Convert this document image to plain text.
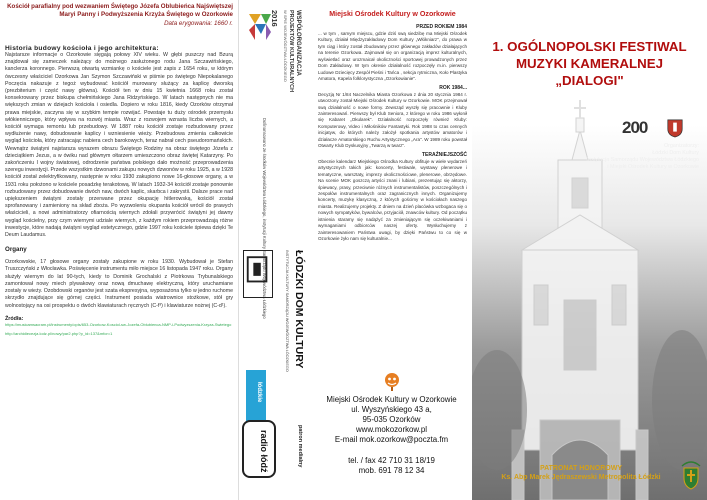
Kościół parafialny pod wezwaniem Świętego Józefa Oblubieńca Najświętszej
Maryi Panny i Podwyższenia Krzyża Świętego w Ozorkowie
Data erygowania: 1660 r.
Historia budowy kościoła i jego architektura:
Najstarsze informacje o Ozorkowie sięgają połowy XIV wieku. W głębi puszczy nad Bzurą znajdował się zameczek należący do możnego zasłużonego rodu Jana Szczawińskiego, kanclerza koronnego. Pierwszą otwartą wzmiankę o kościele jest zapis z 1654 roku, w którym ówczesny właściciel Ozorkowa Jan Szymon Szczawiński w piśmie po świętego Niepokalanego Poczęcia nakazuje z tegoż wybudować kościół murowany służący za kaplicę dworską (prezbiterium i część nawy główna). Kościół ten w dniu 15 kwietnia 1668 roku został konsekrowany przez biskupa chełmińskiego Jana Ridzyńskiego. W latach następnych nie ma większych zmian w dziejach kościoła i osiedla. Dopiero w roku 1816, kiedy Ozorków otrzymał prawa miejskie, zaczyna się w szybkim tempie rozwijać. Powstaje tu duży ośrodek przemysłu włókienniczego, który wpływa na rozwój miasta. Wraz z rozwojem wzrasta liczba wiernych, a kościół wymaga remontu lub przebudowy. W 1887 roku kościół zostaje rozbudowany przez wydłużenie nawy, dobudowanie kaplicy i wzniesienie wieży. Przebudowa zmienia całkowicie wygląd kościoła, który zatracając nabiera cech barokowych, teraz nabrał cech pseudoromańskich. Wewnątrz świątyni najstarsza wyrazem obrazu Świętego Rodziny na obraz świętego Józefa z dzieciątkiem Jezus, a w ówiku nad głównym ołtarzem umieszczono obraz świętej Katarzyny. Po zakończeniu I wojny światowej, odrodzenie państwa polskiego dało możność przeprowadzenia szeregu inwestycji. Przede wszystkim dzwonami zakupu nowych dzwonów w roku 1925, a w 1928 kościół został zelektryfikowany, następnie w roku 1930 zakupiono nowe 16-głosowe organy, a w 1931 roku położono w kościele posadzkę terakotową. W latach 1932-34 kościół zostaje ponownie rozbudowany przez dobudowanie dwóch naw, dwóch kaplic, skarbca i zakrystii. Dalsze prace nad upiększeniem świątyni zostały przerwane przez okupację hitlerowską, kościół został sprofanowany i zamieniony na skład zboża. Po wyzwoleniu okupanta kościół wrócił do prawych właścicieli, a nowi administratorzy ofiarnością wiernych zdołali przywrócić świątyni jej dawny wygląd kościelny, przy czym wiernymi udziale wiernych, z każdym rokiem przeprowadzają różne inwestycje, które nadają świątyni wygląd estetycznego, gdzie 1997 roku kościele śpiewa dzięki Te Deum Laudamus.
Organy
Ozorkowskie, 17 głosowe organy zostały zakupione w roku 1930. Wybudował je Stefan Truszczyński z Włocławka. Poświęcenie instrumentu miło miejsce 16 listopada 1947 roku. Organy służyły wiernym do lat 90-tych, kiedy to Dominik Grochalski z Piotrkowa Trybunalskiego zamontował nowy miech plywakowy oraz nową dmuchawę elektryczną, który uruchamiane zostały w wieży. Ozobdowski organów jest szata ekspresyjna, wyposażona tylko w jedno ruchome skrzydło znajdujące się górnej części. Instrument posiada wiatrownice stożkowe, stół gry wolnostojący na osi prospektu o dwóch klawiaturach ręcznych (C-f³) i klawiaturze nożnej (C-d¹).
Źródła:
https://musicamsacram.pl/instrumenty/opis/653-Ozorkow-Kosciol-sw-Jozefa-Oblubienca-NMP-i-Podwyzszenia-Krzyza-Swietego
http://archidiecezja.lodz.pl/nowy/par2.php?p_id=137&mfor=1
WSPÓŁORGANIZACJA
PROJEKTÓW KULTURALNYCH
W SPIE WOJEWÓDZTWA ŁÓDZKIEGO
2016
Dofinansowano ze środków Województwa Łódzkiego, instytucji Kultury Samorządu Województwa Łódzkiego ŁÓDZKI DOM KULTURY
INSTYTUCJA KULTURY SAMORZĄDU WOJEWÓDZTWA ŁÓDZKIEGO
łódzkie
radio łódź	patron medialny
Miejski Ośrodek Kultury w Ozorkowie
PRZED ROKIEM 1984
... w tym , samym miejscu, gdzie dziś swą siedzibę ma Miejski Ośrodek Kultury, działał Międzyzakładowy Dom Kultury „Włókniarz", do prawa w tym ciąg i który został zbudowany przez głównego zakładów działających na terenie Ozorkowa. Zajmował się on organizacją imprez kulturalnych, wyświetlać oraz urozmaicał okoliczności sportowej prowadzonych przez Dom Zakładowy. W tym okresie działalność rozpoczęły m.in. pierwszy Ludowe Dziecięcy Zespół Pieśni i Tańca , sekcja rytmiczna, Koło Plastyka Amatora, Kapela folklorystyczna „Ozorkowianie".
ROK 1984...
Decyzją Nr 1/84 Naczelnika Miasta Ozorkowa z dnia 20 stycznia 1984 r. utworzony został Miejski Ośrodek Kultury w Ozorkowie. MOK przejmował swą działalność o nowe formy. Zewsząd wyszły się pracownie i Kluby zainteresowań. Pierwszy był Klub Seniora, z którego w roku 1986 wyłonił się Kabaret „Okularek". Działalność rozpoczęły również Kluby: Komputerowy, Video i Miłośników Fantastyki. Rok 1988 to czas cennych inicjatyw, do których należy założył spotkania artystów amatorów i działacze Amatorskiego Ruchu Artystycznego „Ara". W 1989 roku powstał Otwarty Klub Dyskusyjny „Twarzą w twarz".
TERAŹNIEJSZOŚĆ
Obecnie kalendarz Miejskiego Ośrodka Kultury obfituje w wiele wydarzeń artystycznych takich jak: koncerty, festiwale, wystawy plenerowe i tematyczne, warsztaty, imprezy okolicznościowe, plenerowe, obrzędowe. Na scenie MOK goszczą artyści znani i lubiani, prezentując się aktorzy, śpiewacy, prasy, przeciwnie różnych instrumentalistów, poszczególnych i zespołów instrumentalnych oraz zagranicznych innych. Organizujemy koncerty, muzykę klasyczną, z których gościmy w kościołach naszego miasta. Realizujemy projekty. Z dniem na dzień placówka wzbogaca się o nowych sympatyków, bywalców, przyjaciół, znawców kultury. Od początku istnienia staramy się nadążyć za zmieniającym się oczekiwaniami i wymaganiami odbiorców naszej oferty. Wysłuchujemy z zainteresowaniem Państwa uwagi, by dzięki Państwu to co się w Ozorkowie żyło nam się kulturalnie...
Miejski Ośrodek Kultury w Ozorkowie
ul. Wyszyńskiego 43 a,
95-035 Ozorków
www.mokozorkow.pl
E-mail mok.ozorkow@poczta.fm
tel. / fax 42 710 31 18/19
mob. 691 78 12 34
1. OGÓLNOPOLSKI FESTIWAL
MUZYKI KAMERALNEJ
„DIALOGI"
200
Organizatorzy:
Łódzki Dom Kultury
Instytucja Samorządu Województwa Łódzkiego
i Miejski Ośrodek Kultury w Ozorkowie
PATRONAT HONOROWY
Ks. Abp Marek Jędraszewski Metropolita Łódzki
